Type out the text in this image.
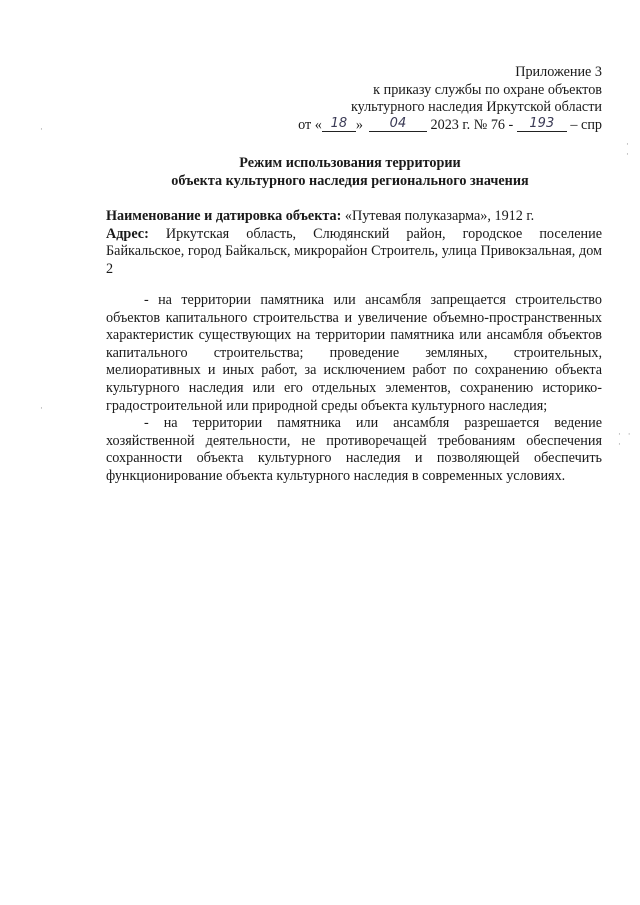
Приложение 3
к приказу службы по охране объектов
культурного наследия Иркутской области
от « 18 » 04 2023 г. № 76 - 193 – спр
Режим использования территории
объекта культурного наследия регионального значения
Наименование и датировка объекта: «Путевая полуказарма», 1912 г.
Адрес: Иркутская область, Слюдянский район, городское поселение Байкальское, город Байкальск, микрорайон Строитель, улица Привокзальная, дом 2

- на территории памятника или ансамбля запрещается строительство объектов капитального строительства и увеличение объемно-пространственных характеристик существующих на территории памятника или ансамбля объектов капитального строительства; проведение земляных, строительных, мелиоративных и иных работ, за исключением работ по сохранению объекта культурного наследия или его отдельных элементов, сохранению историко-градостроительной или природной среды объекта культурного наследия;

- на территории памятника или ансамбля разрешается ведение хозяйственной деятельности, не противоречащей требованиям обеспечения сохранности объекта культурного наследия и позволяющей обеспечить функционирование объекта культурного наследия в современных условиях.

· ·
· · ·
·
·
